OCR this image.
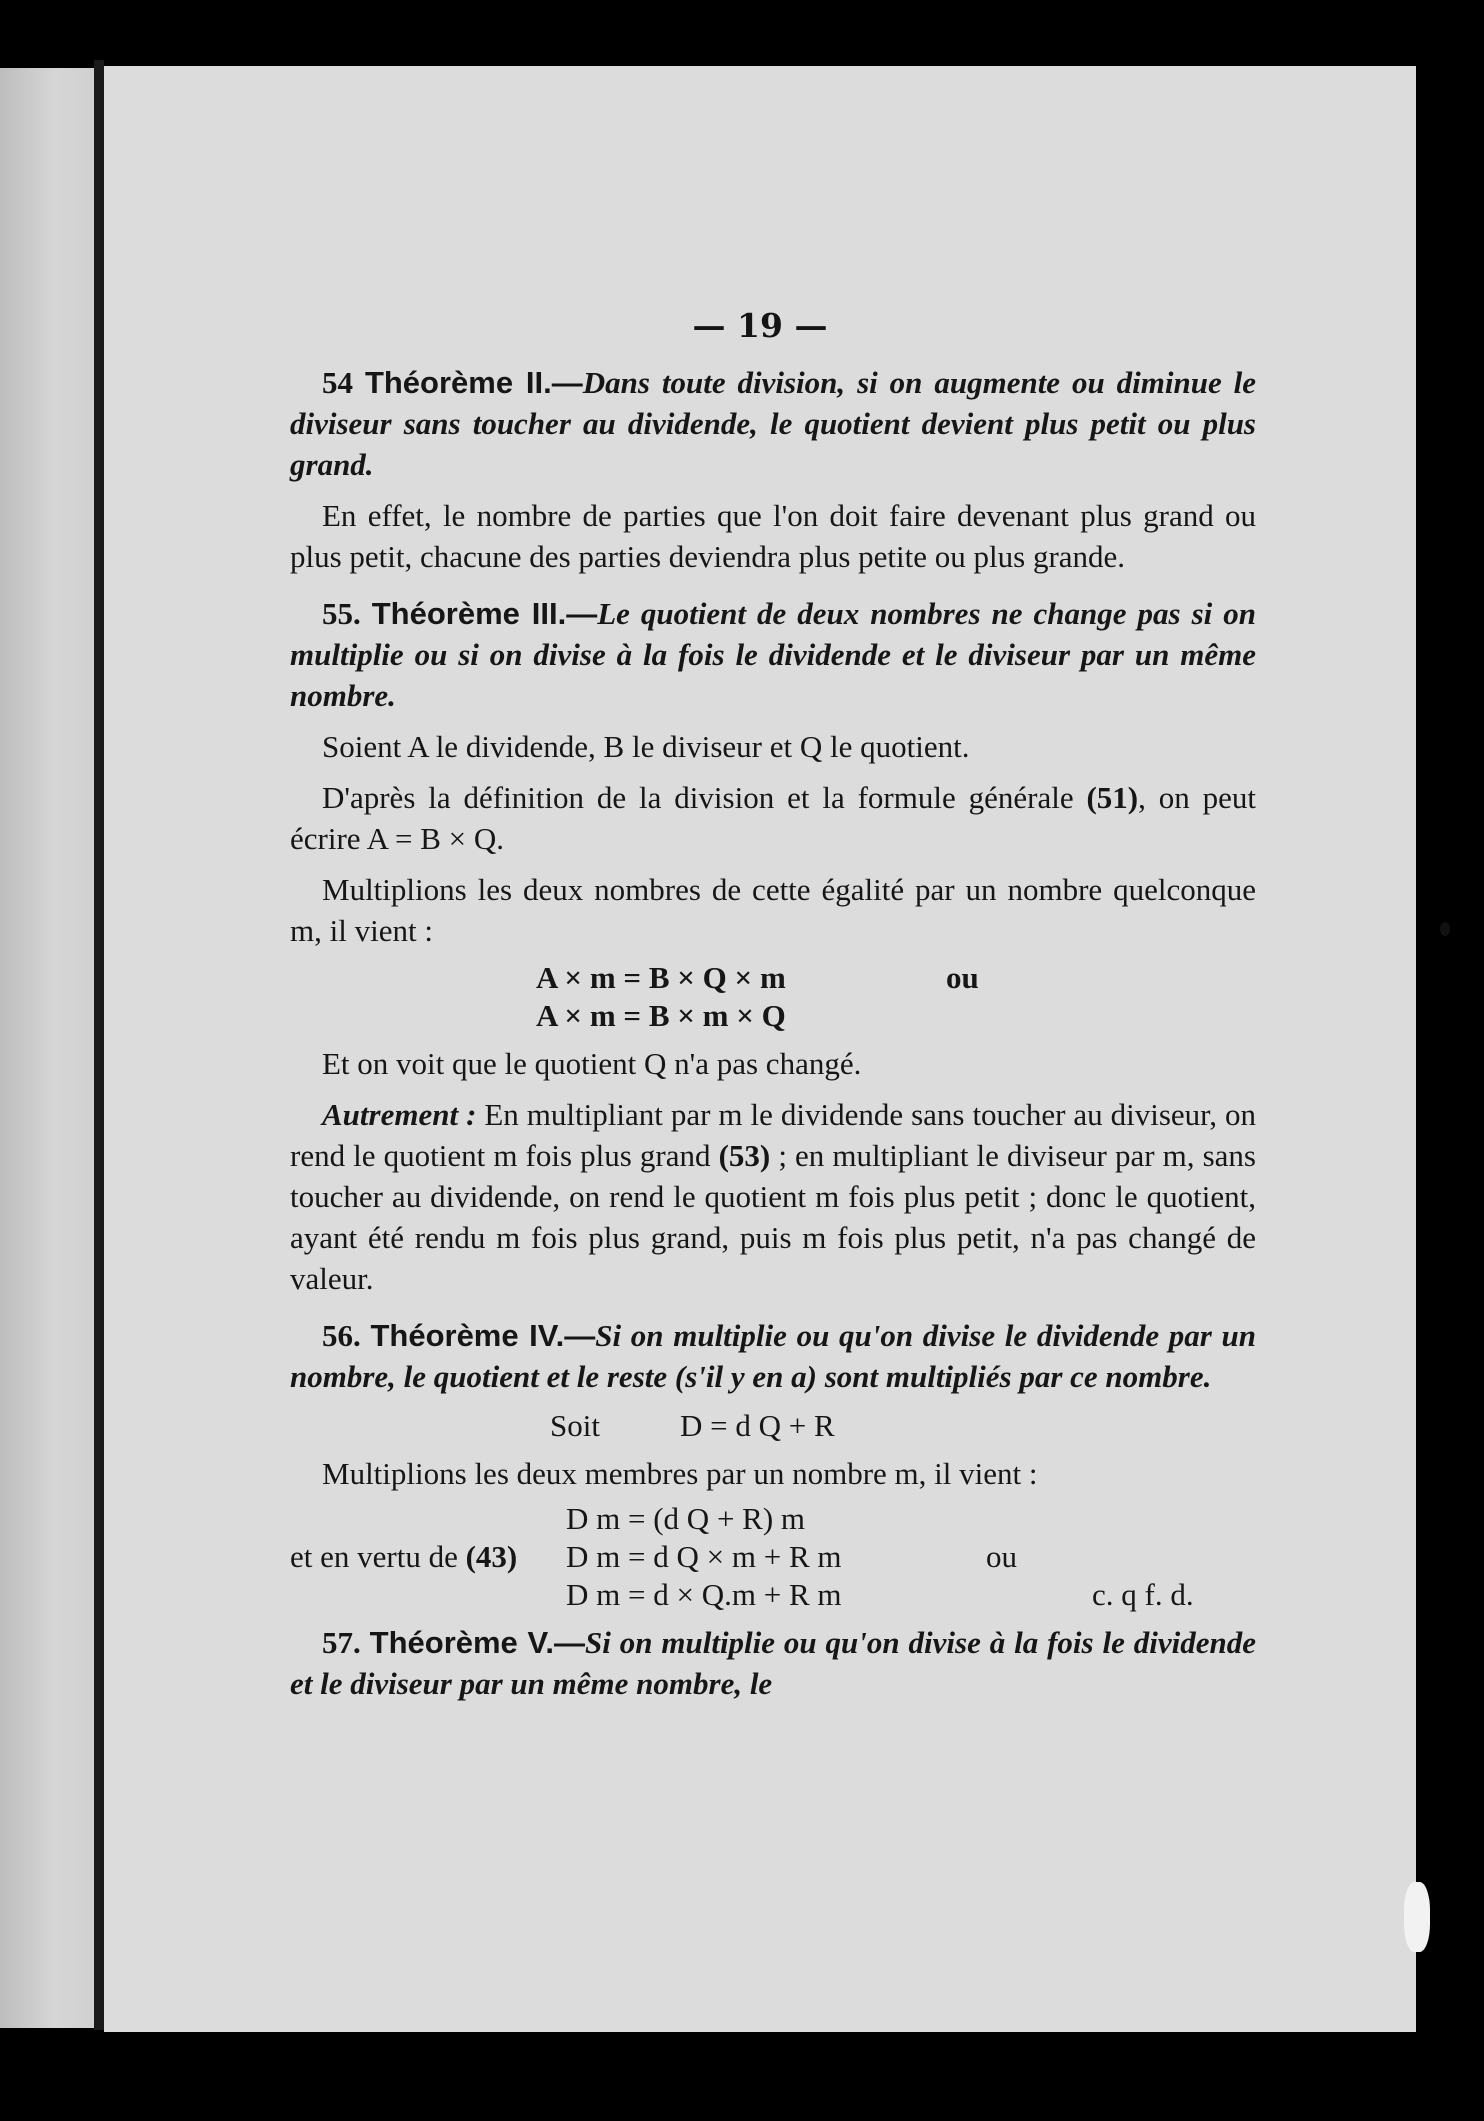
— 19 —

54 Théorème II.—Dans toute division, si on augmente ou diminue le diviseur sans toucher au dividende, le quotient devient plus petit ou plus grand.

En effet, le nombre de parties que l'on doit faire devenant plus grand ou plus petit, chacune des parties deviendra plus petite ou plus grande.

55. Théorème III.—Le quotient de deux nombres ne change pas si on multiplie ou si on divise à la fois le dividende et le diviseur par un même nombre.

Soient A le dividende, B le diviseur et Q le quotient.

D'après la définition de la division et la formule générale (51), on peut écrire A = B × Q.

Multiplions les deux nombres de cette égalité par un nombre quelconque m, il vient :

A × m = B × Q × m	ou
A × m = B × m × Q

Et on voit que le quotient Q n'a pas changé.

Autrement : En multipliant par m le dividende sans toucher au diviseur, on rend le quotient m fois plus grand (53) ; en multipliant le diviseur par m, sans toucher au dividende, on rend le quotient m fois plus petit ; donc le quotient, ayant été rendu m fois plus grand, puis m fois plus petit, n'a pas changé de valeur.

56. Théorème IV.—Si on multiplie ou qu'on divise le dividende par un nombre, le quotient et le reste (s'il y en a) sont multipliés par ce nombre.

Soit	D = d Q + R

Multiplions les deux membres par un nombre m, il vient :

D m = (d Q + R) m
et en vertu de (43) D m = d Q × m + R m	ou
D m = d × Q.m + R m	c. q f. d.

57. Théorème V.—Si on multiplie ou qu'on divise à la fois le dividende et le diviseur par un même nombre, le
